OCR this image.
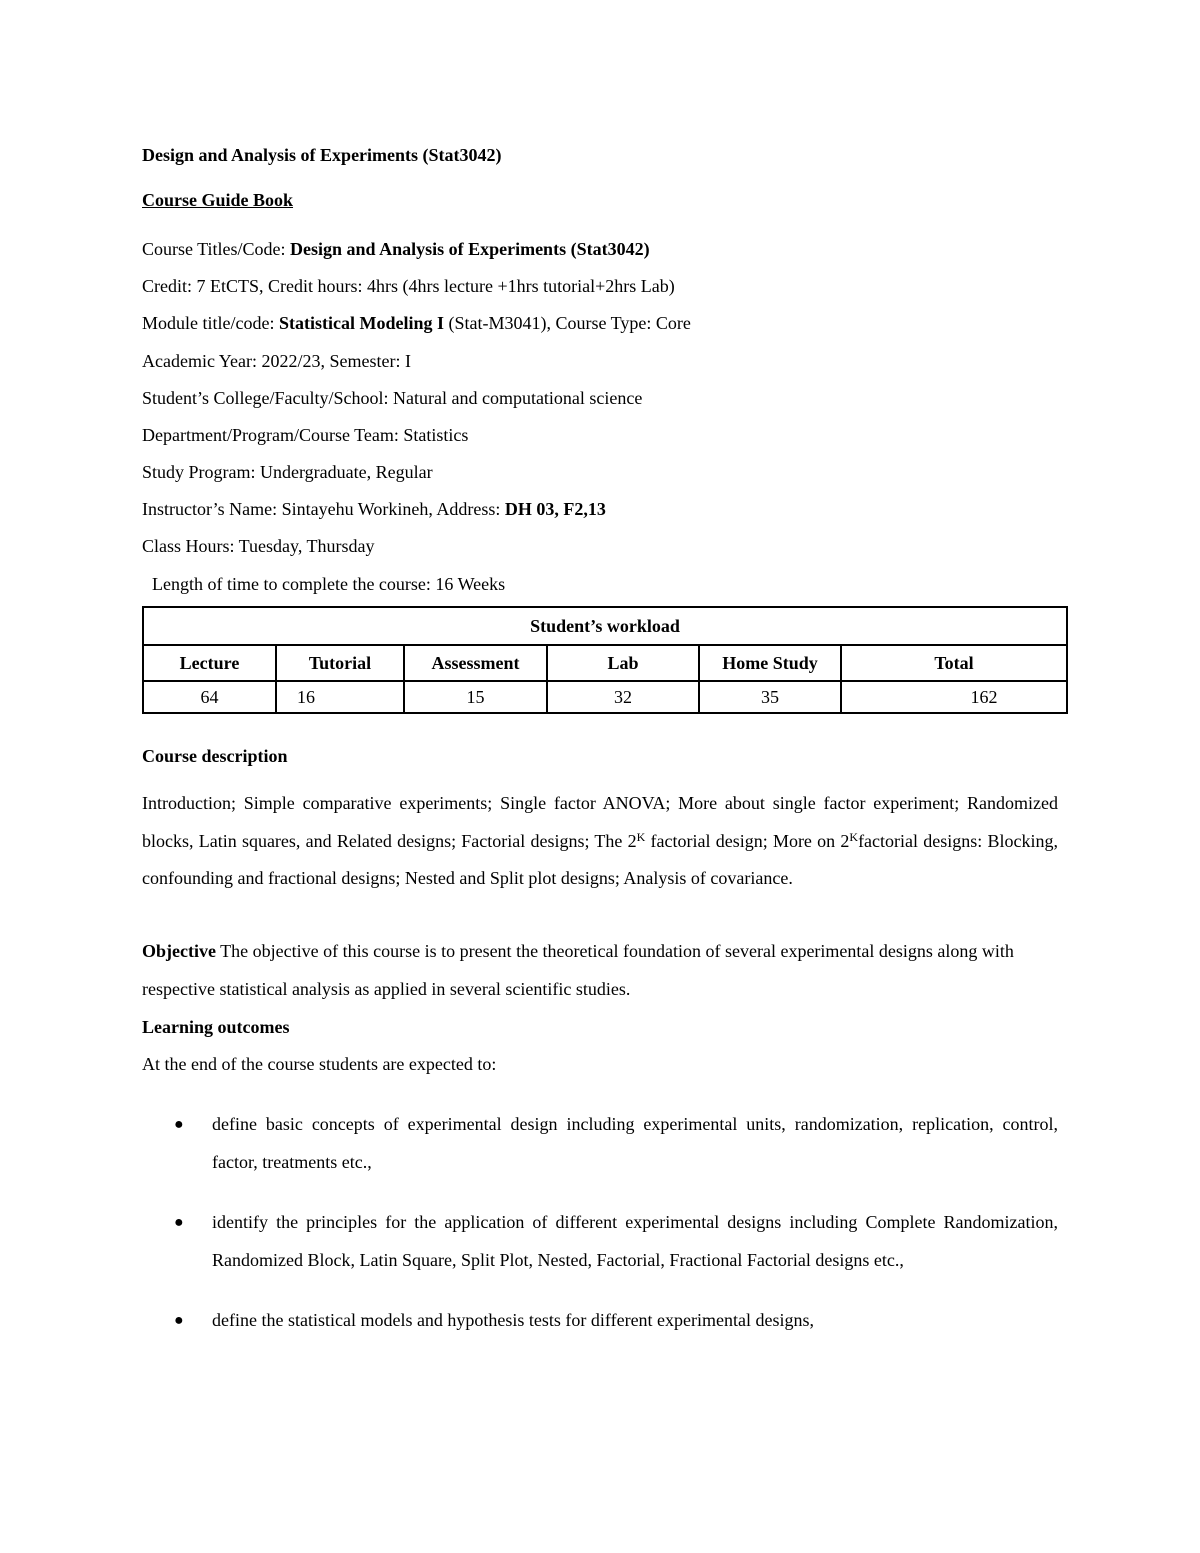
Design and Analysis of Experiments (Stat3042)
Course Guide Book
Course Titles/Code: Design and Analysis of Experiments (Stat3042)
Credit: 7 EtCTS, Credit hours: 4hrs (4hrs lecture +1hrs tutorial+2hrs Lab)
Module title/code: Statistical Modeling I (Stat-M3041), Course Type: Core
Academic Year: 2022/23, Semester: I
Student’s College/Faculty/School: Natural and computational science
Department/Program/Course Team: Statistics
Study Program: Undergraduate, Regular
Instructor’s Name: Sintayehu Workineh, Address: DH 03, F2,13
Class Hours: Tuesday, Thursday
Length of time to complete the course: 16 Weeks
Student’s workload					
Lecture	Tutorial	Assessment	Lab	Home Study	Total
64	16	15	32	35	162
Course description
Introduction; Simple comparative experiments; Single factor ANOVA; More about single factor experiment; Randomized blocks, Latin squares, and Related designs; Factorial designs; The $2^K$ factorial design; More on $2^Kfactorial$ designs: Blocking, confounding and fractional designs; Nested and Split plot designs; Analysis of covariance.
Objective The objective of this course is to present the theoretical foundation of several experimental designs along with respective statistical analysis as applied in several scientific studies.
Learning outcomes
At the end of the course students are expected to:
● define basic concepts of experimental design including experimental units, randomization, replication, control, factor, treatments etc.,
● identify the principles for the application of different experimental designs including Complete Randomization, Randomized Block, Latin Square, Split Plot, Nested, Factorial, Fractional Factorial designs etc.,
● define the statistical models and hypothesis tests for different experimental designs,
